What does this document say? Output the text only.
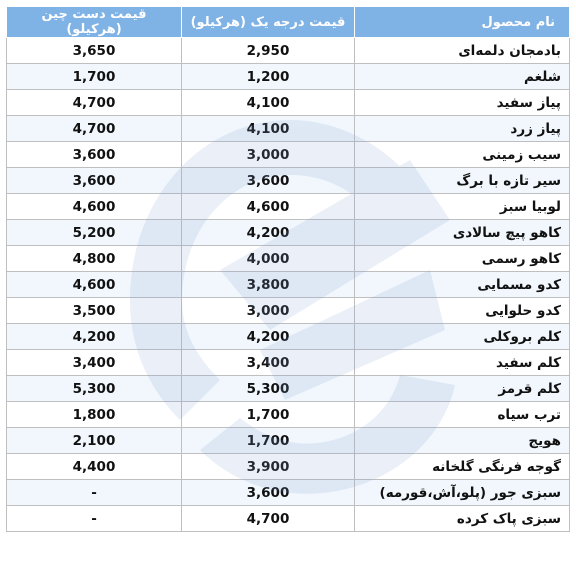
نام محصول	قیمت درجه یک (هرکیلو)	قیمت دست چین (هرکیلو)
بادمجان دلمه‌ای	2,950	3,650
شلغم	1,200	1,700
پیاز سفید	4,100	4,700
پیاز زرد	4,100	4,700
سیب زمینی	3,000	3,600
سیر تازه با برگ	3,600	3,600
لوبیا سبز	4,600	4,600
کاهو پیچ سالادی	4,200	5,200
کاهو رسمی	4,000	4,800
کدو مسمایی	3,800	4,600
کدو حلوایی	3,000	3,500
کلم بروکلی	4,200	4,200
کلم سفید	3,400	3,400
کلم قرمز	5,300	5,300
ترب سیاه	1,700	1,800
هویج	1,700	2,100
گوجه فرنگی گلخانه	3,900	4,400
سبزی جور (پلو،آش،قورمه)	3,600	-
سبزی پاک کرده	4,700	-
